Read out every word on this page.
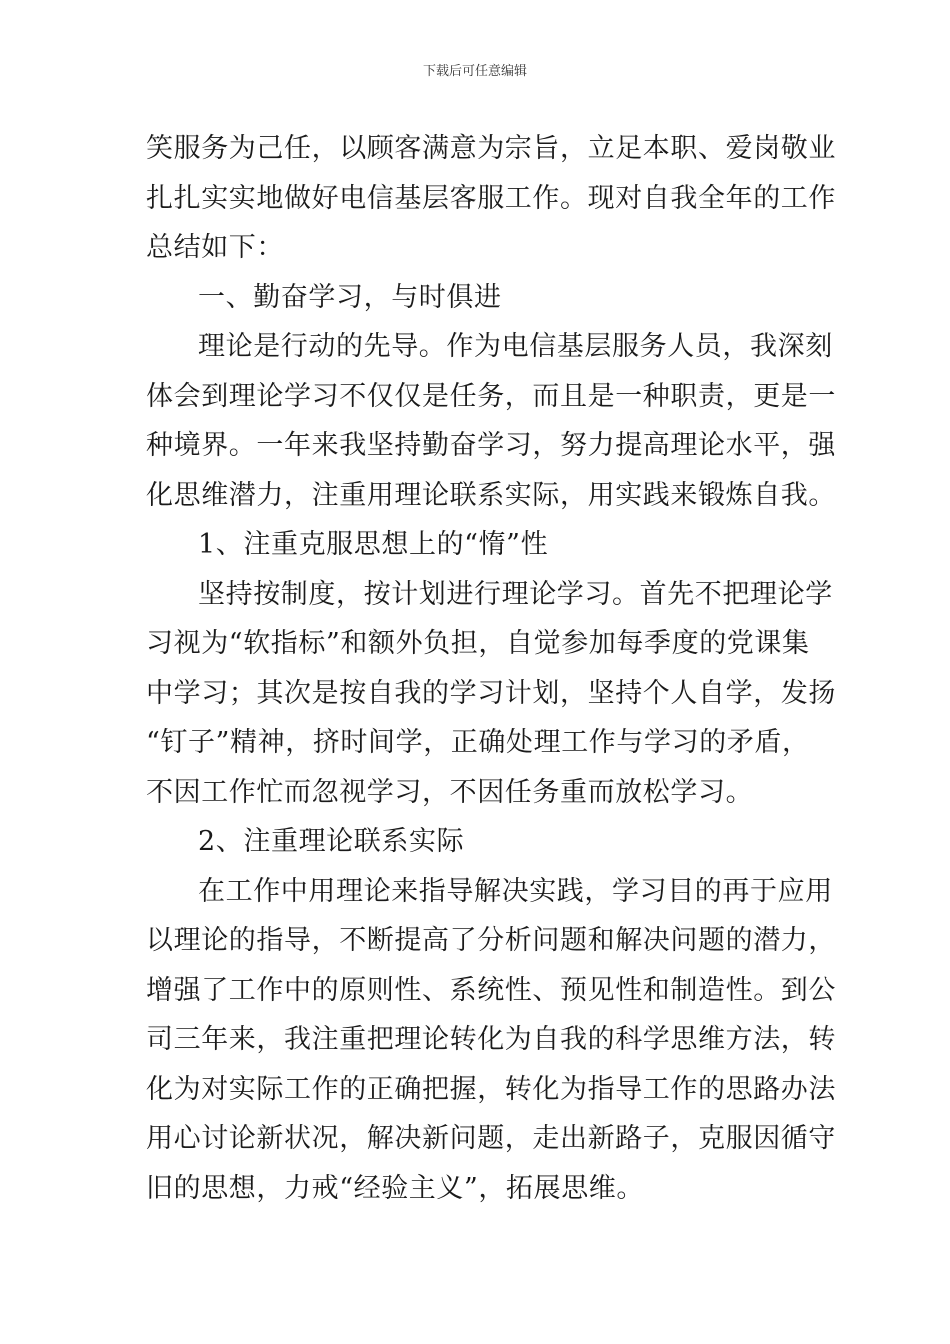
下载后可任意编辑
笑服务为己任，以顾客满意为宗旨，立足本职、爱岗敬业
扎扎实实地做好电信基层客服工作。现对自我全年的工作
总结如下：
一、勤奋学习，与时俱进
理论是行动的先导。作为电信基层服务人员，我深刻
体会到理论学习不仅仅是任务，而且是一种职责，更是一
种境界。一年来我坚持勤奋学习，努力提高理论水平，强
化思维潜力，注重用理论联系实际，用实践来锻炼自我。
1、注重克服思想上的“惰”性
坚持按制度，按计划进行理论学习。首先不把理论学
习视为“软指标”和额外负担，自觉参加每季度的党课集
中学习；其次是按自我的学习计划，坚持个人自学，发扬
“钉子”精神，挤时间学，正确处理工作与学习的矛盾，
不因工作忙而忽视学习，不因任务重而放松学习。
2、注重理论联系实际
在工作中用理论来指导解决实践，学习目的再于应用
以理论的指导，不断提高了分析问题和解决问题的潜力，
增强了工作中的原则性、系统性、预见性和制造性。到公
司三年来，我注重把理论转化为自我的科学思维方法，转
化为对实际工作的正确把握，转化为指导工作的思路办法
用心讨论新状况，解决新问题，走出新路子，克服因循守
旧的思想，力戒“经验主义”，拓展思维。
